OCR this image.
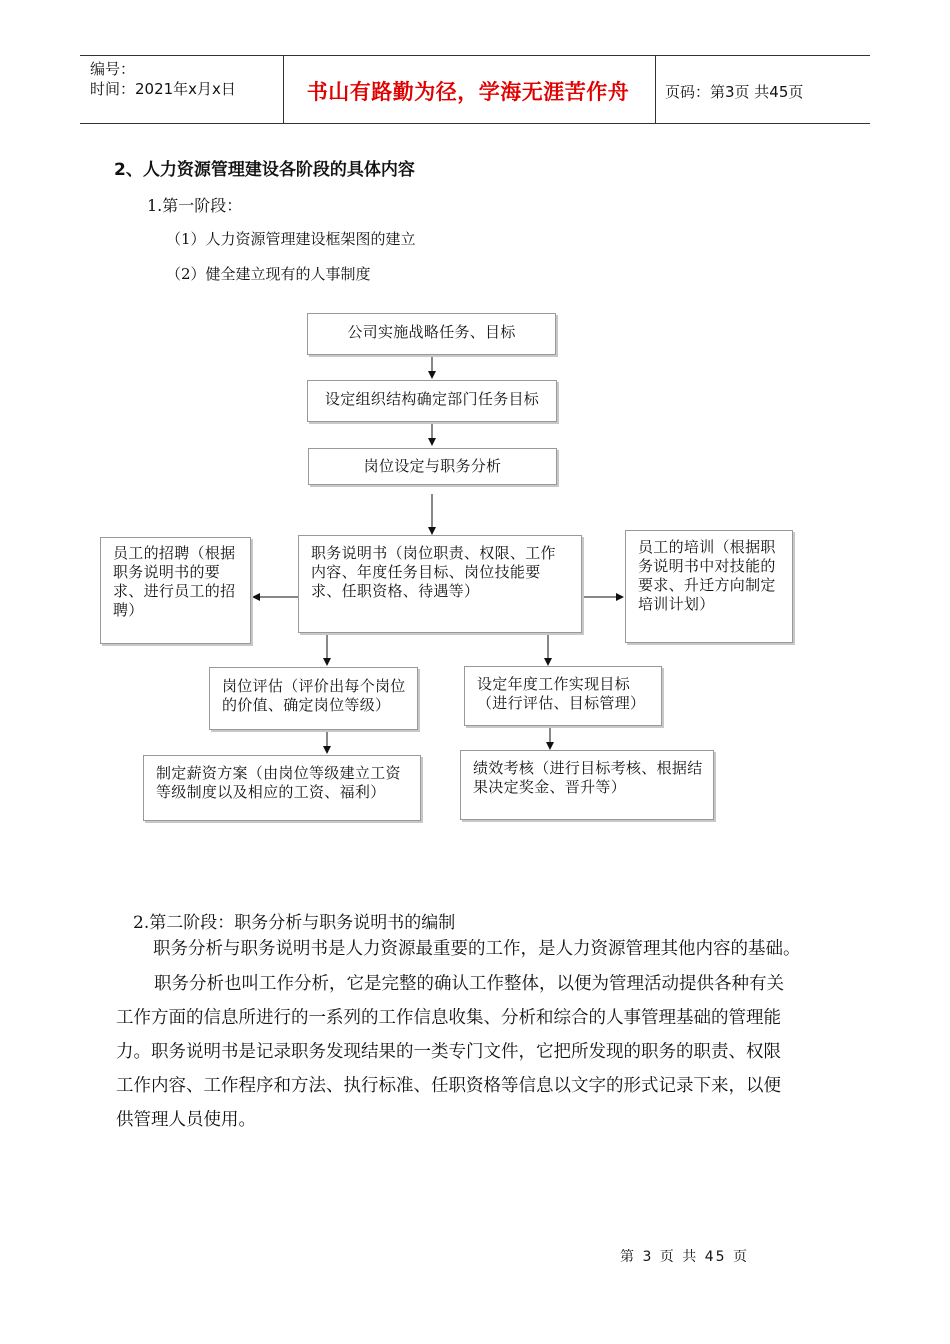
编号：
时间：2021年x月x日	书山有路勤为径，学海无涯苦作舟	页码：第3页 共45页
2、人力资源管理建设各阶段的具体内容
1.第一阶段：
（1）人力资源管理建设框架图的建立
（2）健全建立现有的人事制度
公司实施战略任务、目标
设定组织结构确定部门任务目标
岗位设定与职务分析
职务说明书（岗位职责、权限、工作内容、年度任务目标、岗位技能要求、任职资格、待遇等）
员工的招聘（根据职务说明书的要求、进行员工的招聘）
员工的培训（根据职务说明书中对技能的要求、升迁方向制定培训计划）
岗位评估（评价出每个岗位的价值、确定岗位等级）
设定年度工作实现目标（进行评估、目标管理）
制定薪资方案（由岗位等级建立工资等级制度以及相应的工资、福利）
绩效考核（进行目标考核、根据结果决定奖金、晋升等）
2.第二阶段：职务分析与职务说明书的编制
职务分析与职务说明书是人力资源最重要的工作，是人力资源管理其他内容的基础。
职务分析也叫工作分析，它是完整的确认工作整体，以便为管理活动提供各种有关
工作方面的信息所进行的一系列的工作信息收集、分析和综合的人事管理基础的管理能
力。职务说明书是记录职务发现结果的一类专门文件，它把所发现的职务的职责、权限
工作内容、工作程序和方法、执行标准、任职资格等信息以文字的形式记录下来，以便
供管理人员使用。
第 3 页 共 45 页
